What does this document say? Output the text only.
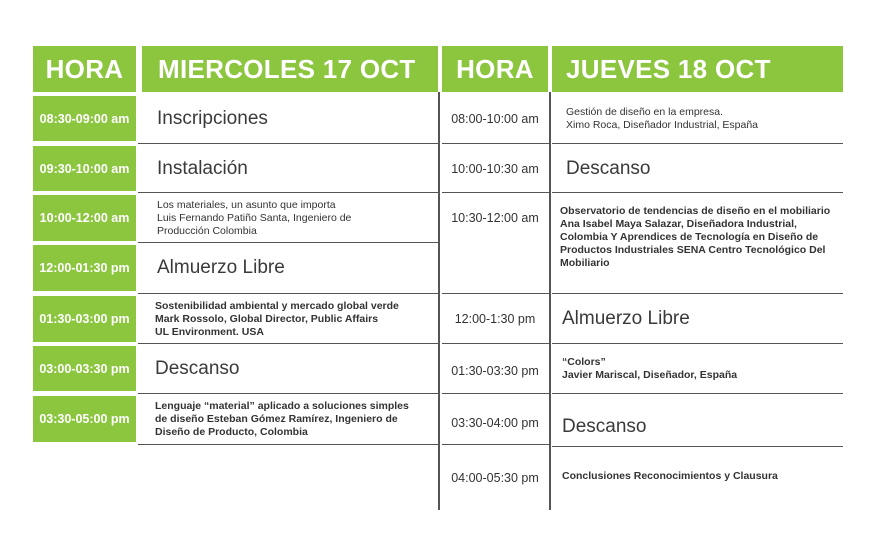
HORA MIERCOLES 17 OCT HORA JUEVES 18 OCT
08:30-09:00 am
09:30-10:00 am
10:00-12:00 am
12:00-01:30 pm
01:30-03:00 pm
03:00-03:30 pm
03:30-05:00 pm
Inscripciones
Instalación
Los materiales, un asunto que importa
Luis Fernando Patiño Santa, Ingeniero de
Producción Colombia
Almuerzo Libre
Sostenibilidad ambiental y mercado global verde
Mark Rossolo, Global Director, Public Affairs
UL Environment. USA
Descanso
Lenguaje “material” aplicado a soluciones simples
de diseño Esteban Gómez Ramírez, Ingeniero de
Diseño de Producto, Colombia
08:00-10:00 am
10:00-10:30 am
10:30-12:00 am
12:00-1:30 pm
01:30-03:30 pm
03:30-04:00 pm
04:00-05:30 pm
Gestión de diseño en la empresa.
Ximo Roca, Diseñador Industrial, España
Descanso
Observatorio de tendencias de diseño en el mobiliario
Ana Isabel Maya Salazar, Diseñadora Industrial,
Colombia Y Aprendices de Tecnología en Diseño de
Productos Industriales SENA Centro Tecnológico Del
Mobiliario
Almuerzo Libre
“Colors”
Javier Mariscal, Diseñador, España
Descanso
Conclusiones Reconocimientos y Clausura
